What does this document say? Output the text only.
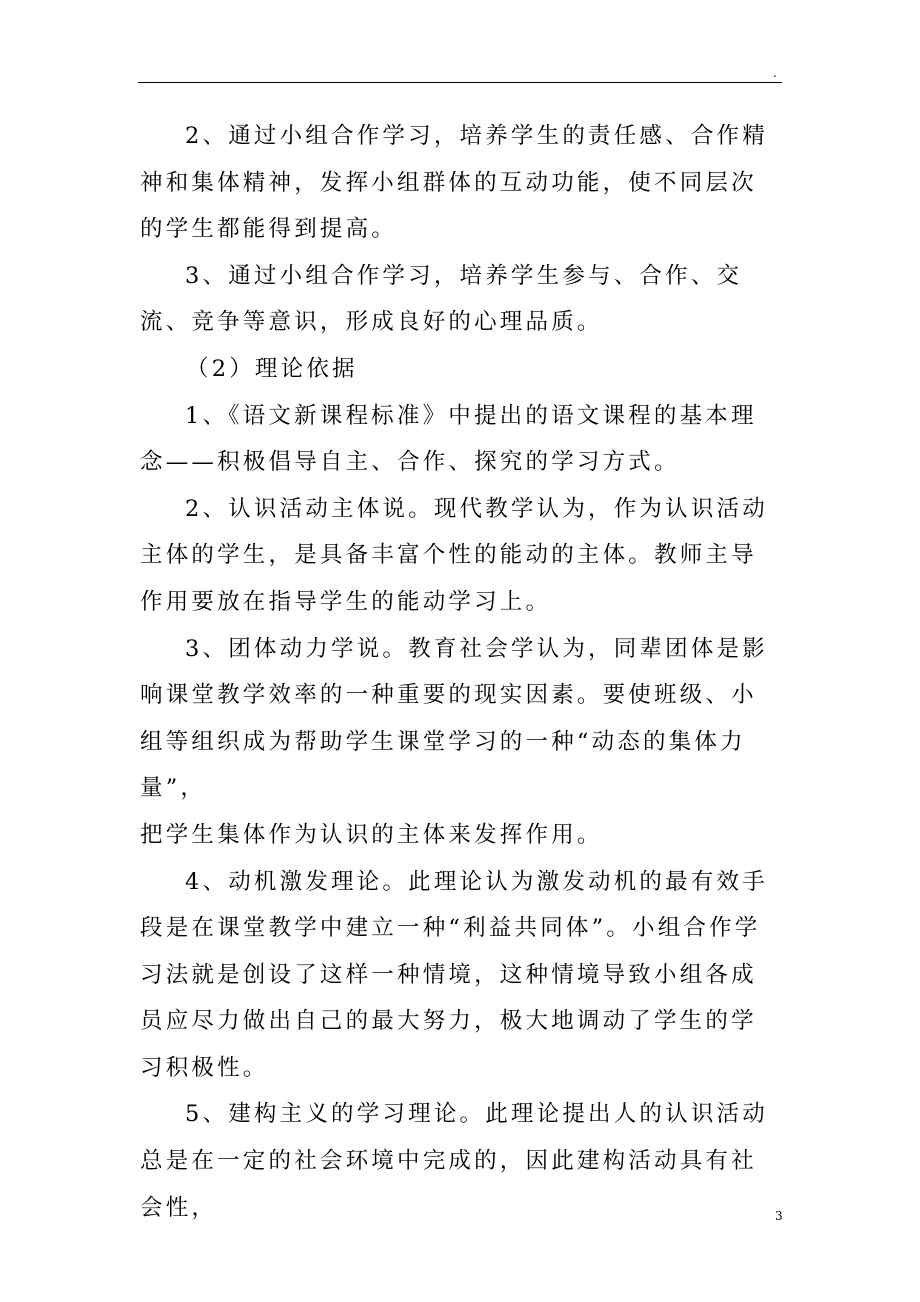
.

2、通过小组合作学习，培养学生的责任感、合作精神和集体精神，发挥小组群体的互动功能，使不同层次的学生都能得到提高。

3、通过小组合作学习，培养学生参与、合作、交流、竞争等意识，形成良好的心理品质。

（2）理论依据

1、《语文新课程标准》中提出的语文课程的基本理念——积极倡导自主、合作、探究的学习方式。

2、认识活动主体说。现代教学认为，作为认识活动主体的学生，是具备丰富个性的能动的主体。教师主导作用要放在指导学生的能动学习上。

3、团体动力学说。教育社会学认为，同辈团体是影响课堂教学效率的一种重要的现实因素。要使班级、小组等组织成为帮助学生课堂学习的一种“动态的集体力量”，
把学生集体作为认识的主体来发挥作用。

4、动机激发理论。此理论认为激发动机的最有效手段是在课堂教学中建立一种“利益共同体”。小组合作学习法就是创设了这样一种情境，这种情境导致小组各成员应尽力做出自己的最大努力，极大地调动了学生的学习积极性。

5、建构主义的学习理论。此理论提出人的认识活动总是在一定的社会环境中完成的，因此建构活动具有社会性，	3
